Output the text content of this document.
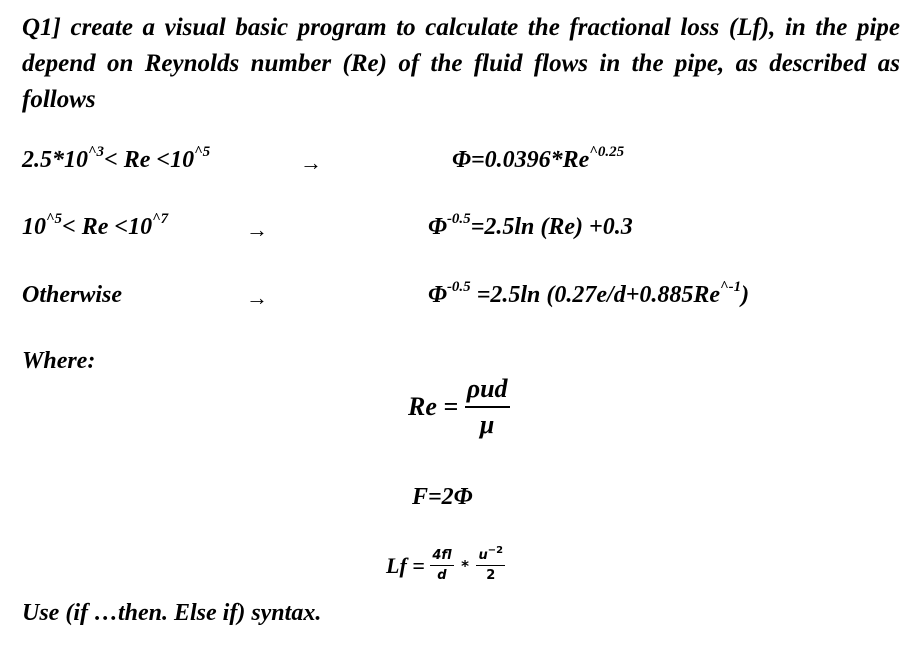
Q1] create a visual basic program to calculate the fractional loss (Lf), in the pipe depend on Reynolds number (Re) of the fluid flows in the pipe, as described as follows
$2.5*10^{\^{}3}< Re <10^{\^{}5}$	→	$\Phi=0.0396*Re^{\^{}0.25}$
$10^{\^{}5}< Re <10^{\^{}7}$	→	$\Phi^{-0.5}=2.5\ln$ (Re) +0.3
Otherwise	→	$\Phi^{-0.5} =2.5\ln$ $(0.27e/d+0.885Re^{\^{}-1})$
Where:
$Re = \frac{\text{ρud}}{\mu}$
F=2Φ
$Lf = \frac{4fl}{d} * \frac{u^{-2}}{2}$
Use (if …then. Else if) syntax.
